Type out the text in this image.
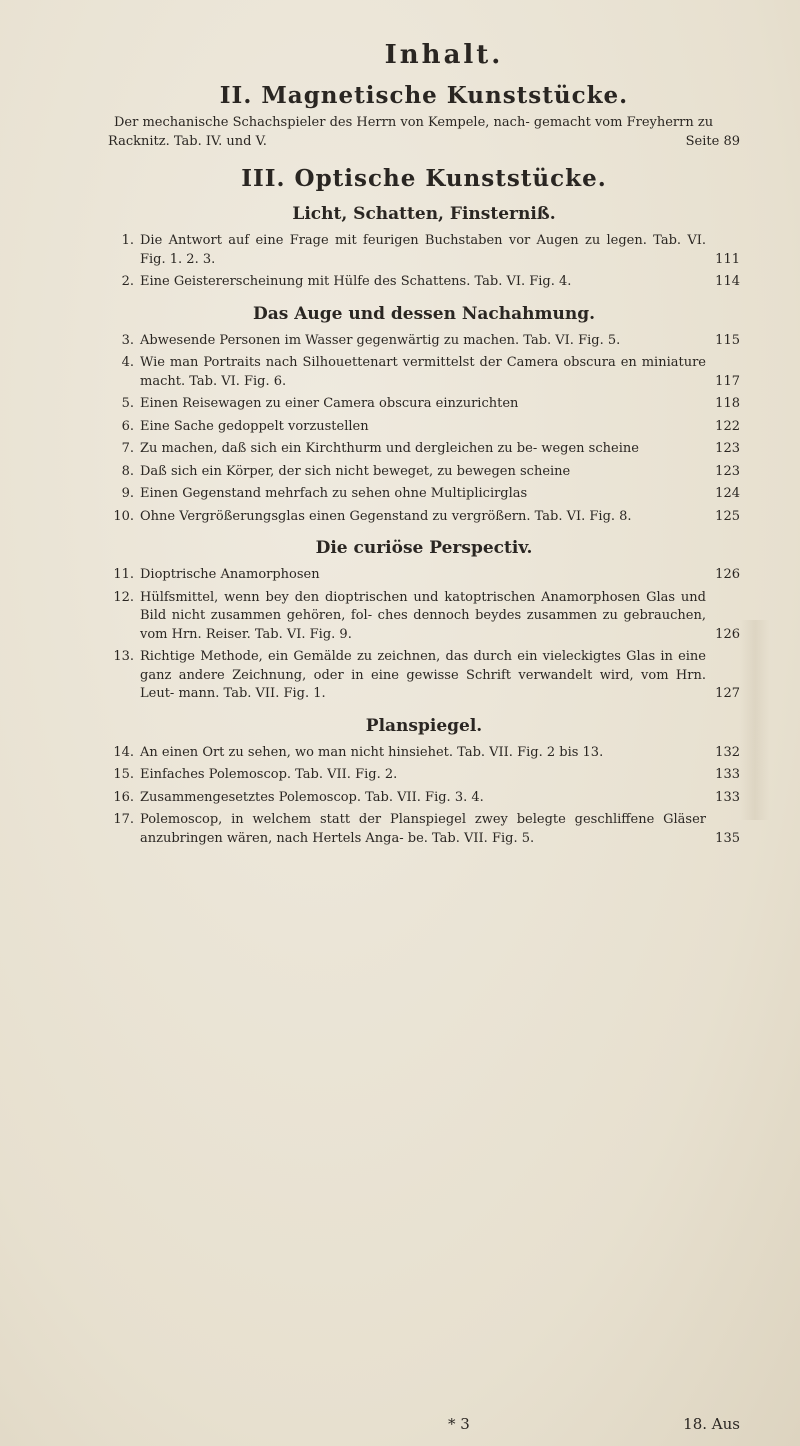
Inhalt.
II. Magnetische Kunststücke.

Der mechanische Schachspieler des Herrn von Kempele, nach- gemacht vom Freyherrn zu Racknitz. Tab. IV. und V.	Seite 89

III. Optische Kunststücke.
Licht, Schatten, Finsterniß.
1. Die Antwort auf eine Frage mit feurigen Buchstaben vor Augen zu legen. Tab. VI. Fig. 1. 2. 3.	111
2. Eine Geistererscheinung mit Hülfe des Schattens. Tab. VI. Fig. 4.	114
Das Auge und dessen Nachahmung.
3. Abwesende Personen im Wasser gegenwärtig zu machen. Tab. VI. Fig. 5.	115
4. Wie man Portraits nach Silhouettenart vermittelst der Camera obscura en miniature macht. Tab. VI. Fig. 6.	117
5. Einen Reisewagen zu einer Camera obscura einzurichten	118
6. Eine Sache gedoppelt vorzustellen	122
7. Zu machen, daß sich ein Kirchthurm und dergleichen zu be- wegen scheine	123
8. Daß sich ein Körper, der sich nicht beweget, zu bewegen scheine	123
9. Einen Gegenstand mehrfach zu sehen ohne Multiplicirglas	124
10. Ohne Vergrößerungsglas einen Gegenstand zu vergrößern. Tab. VI. Fig. 8.	125
Die curiöse Perspectiv.
11. Dioptrische Anamorphosen	126
12. Hülfsmittel, wenn bey den dioptrischen und katoptrischen Anamorphosen Glas und Bild nicht zusammen gehören, fol- ches dennoch beydes zusammen zu gebrauchen, vom Hrn. Reiser. Tab. VI. Fig. 9.	126
13. Richtige Methode, ein Gemälde zu zeichnen, das durch ein vieleckigtes Glas in eine ganz andere Zeichnung, oder in eine gewisse Schrift verwandelt wird, vom Hrn. Leut- mann. Tab. VII. Fig. 1.	127
Planspiegel.
14. An einen Ort zu sehen, wo man nicht hinsiehet. Tab. VII. Fig. 2 bis 13.	132
15. Einfaches Polemoscop. Tab. VII. Fig. 2.	133
16. Zusammengesetztes Polemoscop. Tab. VII. Fig. 3. 4.	133
17. Polemoscop, in welchem statt der Planspiegel zwey belegte geschliffene Gläser anzubringen wären, nach Hertels Anga- be. Tab. VII. Fig. 5.	135
* 3	18. Aus
